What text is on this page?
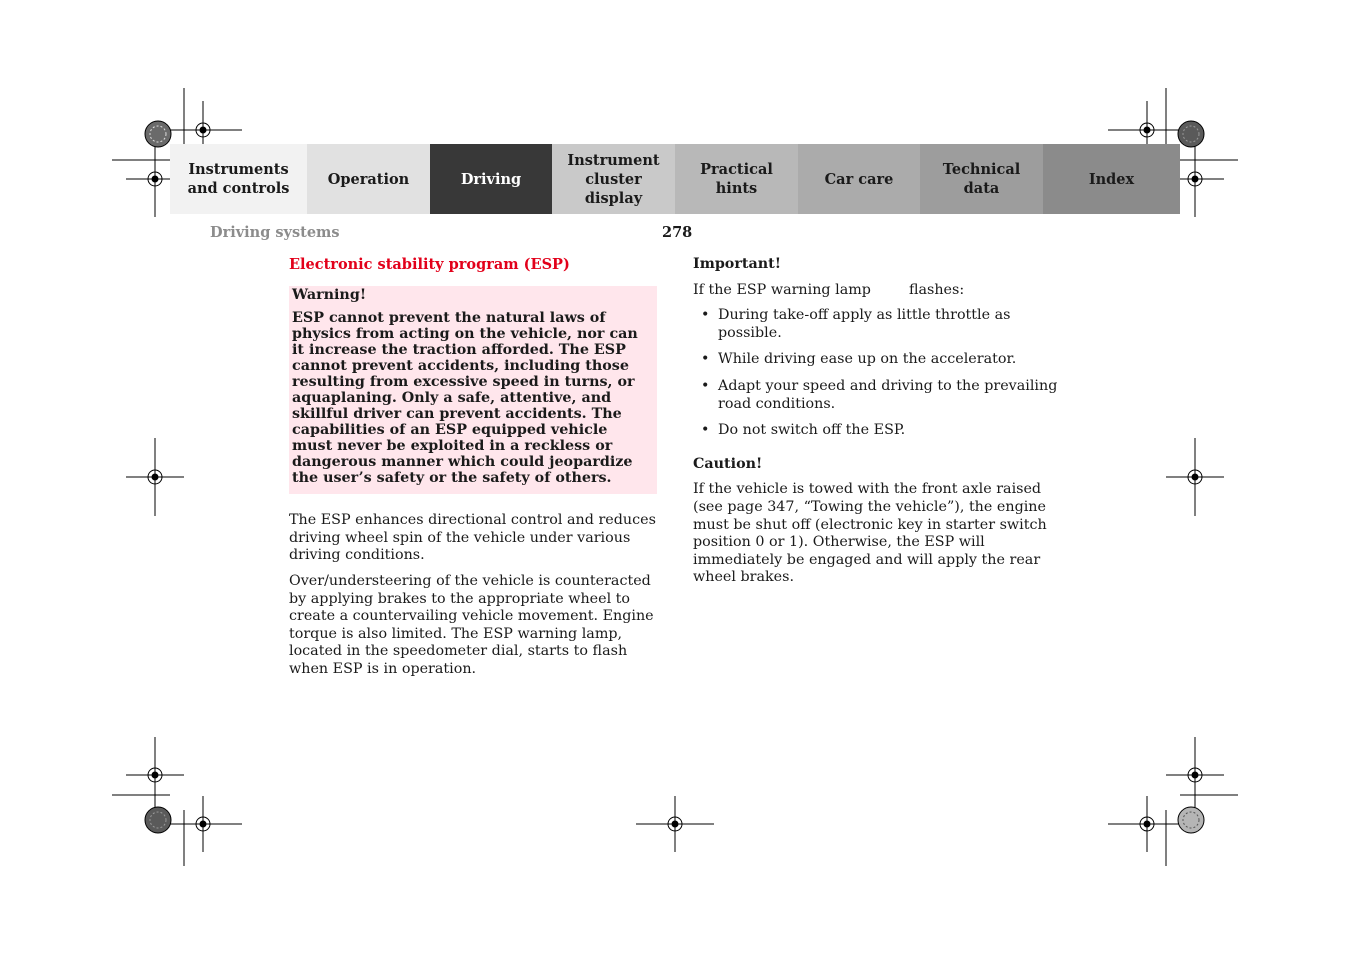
Instruments
and controls
Operation	Driving
Instrument
cluster display
Practical hints
Car care
Technical
data
Index
Driving systems	278
Electronic stability program (ESP)
Warning!

ESP cannot prevent the natural laws of physics from acting on the vehicle, nor can it increase the traction afforded. The ESP cannot prevent accidents, including those resulting from excessive speed in turns, or aquaplaning. Only a safe, attentive, and skillful driver can prevent accidents. The capabilities of an ESP equipped vehicle must never be exploited in a reckless or dangerous manner which could jeopardize the user’s safety or the safety of others.

The ESP enhances directional control and reduces driving wheel spin of the vehicle under various driving conditions.

Over/understeering of the vehicle is counteracted by applying brakes to the appropriate wheel to create a countervailing vehicle movement. Engine torque is also limited. The ESP warning lamp, located in the speedometer dial, starts to flash when ESP is in operation.

Important!

If the ESP warning lamp	flashes:

• During take-off apply as little throttle as possible.
• While driving ease up on the accelerator.
• Adapt your speed and driving to the prevailing road conditions.
• Do not switch off the ESP.
Caution!

If the vehicle is towed with the front axle raised (see page 347, “Towing the vehicle”), the engine must be shut off (electronic key in starter switch position 0 or 1). Otherwise, the ESP will immediately be engaged and will apply the rear wheel brakes.
